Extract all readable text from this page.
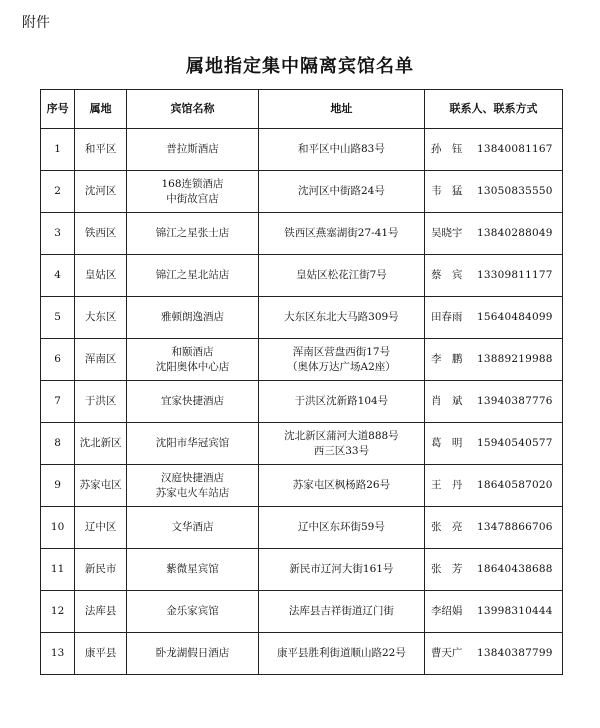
附件
属地指定集中隔离宾馆名单
序号	属地	宾馆名称	地址	联系人、联系方式
1	和平区	普拉斯酒店	和平区中山路83号	孙　钰 13840081167
2	沈河区	168连锁酒店
中街故宫店	沈河区中街路24号	韦　猛 13050835550
3	铁西区	锦江之星张士店	铁西区燕塞湖街27-41号	吴晓宇 13840288049
4	皇姑区	锦江之星北站店	皇姑区松花江街7号	蔡　宾 13309811177
5	大东区	雅顿朗逸酒店	大东区东北大马路309号	田春雨 15640484099
6	浑南区	和颐酒店
沈阳奥体中心店	浑南区营盘西街17号
（奥体万达广场A2座）	李　鹏 13889219988
7	于洪区	宜家快捷酒店	于洪区沈新路104号	肖　斌 13940387776
8	沈北新区	沈阳市华冠宾馆	沈北新区蒲河大道888号
西三区33号	葛　明 15940540577
9	苏家屯区	汉庭快捷酒店
苏家屯火车站店	苏家屯区枫杨路26号	王　丹 18640587020
10	辽中区	文华酒店	辽中区东环街59号	张　亮 13478866706
11	新民市	紫微星宾馆	新民市辽河大街161号	张　芳 18640438688
12	法库县	金乐家宾馆	法库县吉祥街道辽门街	李绍娟 13998310444
13	康平县	卧龙湖假日酒店	康平县胜利街道顺山路22号	曹天广 13840387799
